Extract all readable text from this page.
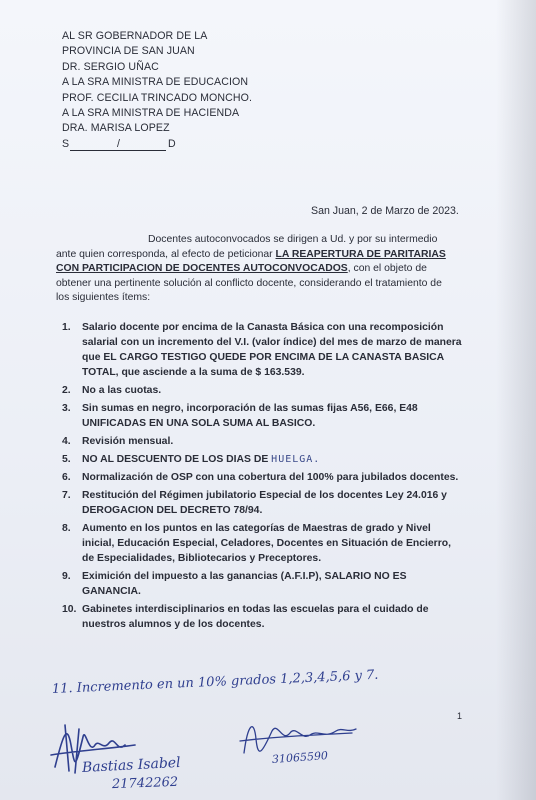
AL SR GOBERNADOR DE LA
PROVINCIA DE SAN JUAN
DR. SERGIO UÑAC
A LA SRA MINISTRA DE EDUCACION
PROF. CECILIA TRINCADO MONCHO.
A LA SRA MINISTRA DE HACIENDA
DRA. MARISA LOPEZ
S	/	D
San Juan, 2 de Marzo de 2023.
Docentes autoconvocados se dirigen a Ud. y por su intermedio ante quien corresponda, al efecto de peticionar LA REAPERTURA DE PARITARIAS CON PARTICIPACION DE DOCENTES AUTOCONVOCADOS, con el objeto de obtener una pertinente solución al conflicto docente, considerando el tratamiento de los siguientes ítems:
1. Salario docente por encima de la Canasta Básica con una recomposición salarial con un incremento del V.I. (valor índice) del mes de marzo de manera que EL CARGO TESTIGO QUEDE POR ENCIMA DE LA CANASTA BASICA TOTAL, que asciende a la suma de $ 163.539.
2. No a las cuotas.
3. Sin sumas en negro, incorporación de las sumas fijas A56, E66, E48 UNIFICADAS EN UNA SOLA SUMA AL BASICO.
4. Revisión mensual.
5. NO AL DESCUENTO DE LOS DIAS DE HUELGA.
6. Normalización de OSP con una cobertura del 100% para jubilados docentes.
7. Restitución del Régimen jubilatorio Especial de los docentes Ley 24.016 y DEROGACION DEL DECRETO 78/94.
8. Aumento en los puntos en las categorías de Maestras de grado y Nivel inicial, Educación Especial, Celadores, Docentes en Situación de Encierro, de Especialidades, Bibliotecarios y Preceptores.
9. Eximición del impuesto a las ganancias (A.F.I.P), SALARIO NO ES GANANCIA.
10. Gabinetes interdisciplinarios en todas las escuelas para el cuidado de nuestros alumnos y de los docentes.
11. Incremento en un 10% grados 1,2,3,4,5,6 y 7.
1
Bastias Isabel
21742262
31065590
